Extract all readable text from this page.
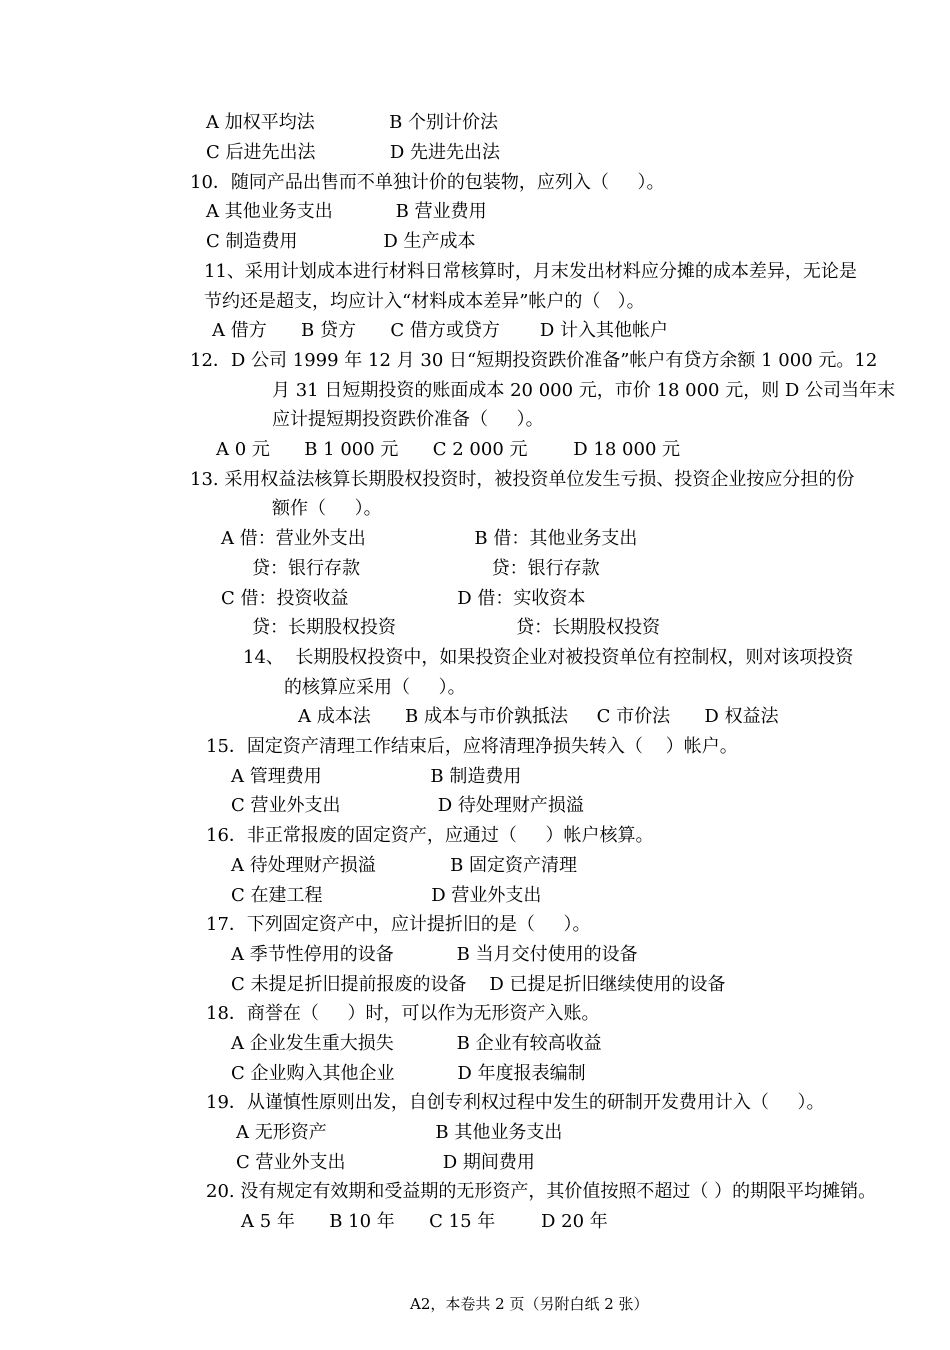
A 加权平均法             B 个别计价法
C 后进先出法             D 先进先出法
10．随同产品出售而不单独计价的包装物，应列入（     ）。
A 其他业务支出           B 营业费用
C 制造费用               D 生产成本
11、采用计划成本进行材料日常核算时，月末发出材料应分摊的成本差异，无论是
节约还是超支，均应计入“材料成本差异”帐户的（   ）。
A 借方      B 贷方      C 借方或贷方       D 计入其他帐户
12．D 公司 1999 年 12 月 30 日“短期投资跌价准备”帐户有贷方余额 1 000 元。12
月 31 日短期投资的账面成本 20 000 元，市价 18 000 元，则 D 公司当年末
应计提短期投资跌价准备（     ）。
A 0 元      B 1 000 元      C 2 000 元        D 18 000 元
13. 采用权益法核算长期股权投资时，被投资单位发生亏损、投资企业按应分担的份
额作（     ）。
A 借：营业外支出                   B 借：其他业务支出
贷：银行存款                       贷：银行存款
C 借：投资收益                   D 借：实收资本
贷：长期股权投资                     贷：长期股权投资
14、  长期股权投资中，如果投资企业对被投资单位有控制权，则对该项投资
的核算应采用（     ）。
A 成本法      B 成本与市价孰抵法     C 市价法      D 权益法
15．固定资产清理工作结束后，应将清理净损失转入（    ）帐户。
A 管理费用                   B 制造费用
C 营业外支出                 D 待处理财产损溢
16．非正常报废的固定资产，应通过（     ）帐户核算。
A 待处理财产损溢             B 固定资产清理
C 在建工程                   D 营业外支出
17．下列固定资产中，应计提折旧的是（     ）。
A 季节性停用的设备           B 当月交付使用的设备
C 未提足折旧提前报废的设备    D 已提足折旧继续使用的设备
18．商誉在（     ）时，可以作为无形资产入账。
A 企业发生重大损失           B 企业有较高收益
C 企业购入其他企业           D 年度报表编制
19．从谨慎性原则出发，自创专利权过程中发生的研制开发费用计入（     ）。
A 无形资产                   B 其他业务支出
C 营业外支出                 D 期间费用
20. 没有规定有效期和受益期的无形资产，其价值按照不超过（ ）的期限平均摊销。
A 5 年      B 10 年      C 15 年        D 20 年
A2，本卷共 2 页（另附白纸 2 张）
